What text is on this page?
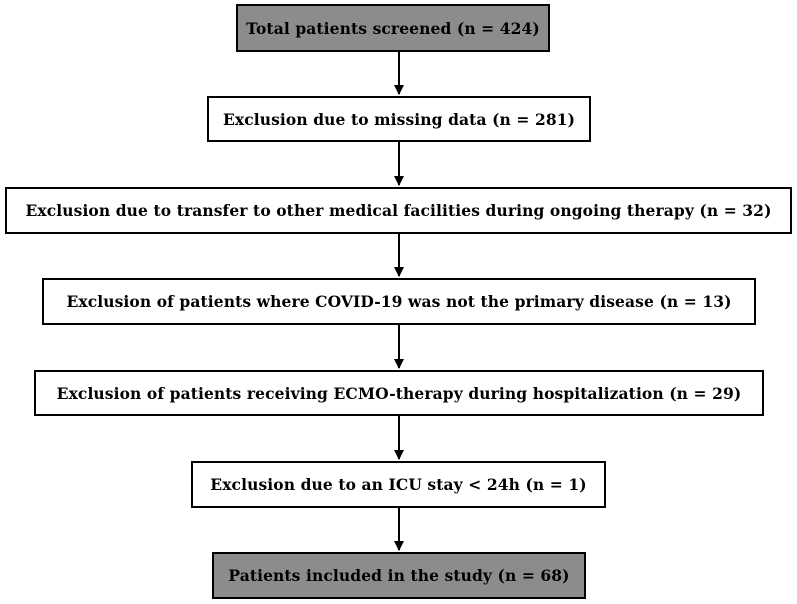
Total patients screened (n = 424)
Exclusion due to missing data (n = 281)
Exclusion due to transfer to other medical facilities during ongoing therapy (n = 32)
Exclusion of patients where COVID-19 was not the primary disease (n = 13)
Exclusion of patients receiving ECMO-therapy during hospitalization (n = 29)
Exclusion due to an ICU stay < 24h (n = 1)
Patients included in the study (n = 68)
